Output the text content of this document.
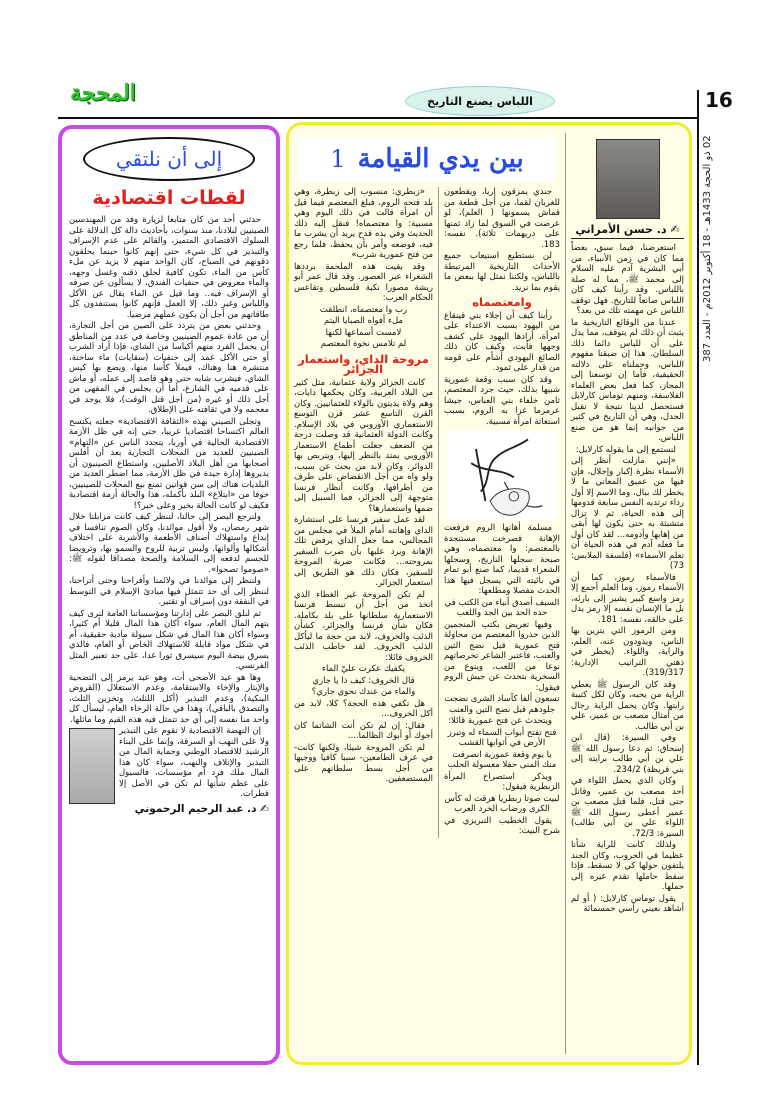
المحجة	اللباس يصنع التاريخ	16
02 ذو الحجة 1433هـ - 18 أكتوبر 2012م - العدد 387
✍ د. حسن الأمراني

استعرضنا، فيما سبق، بعضاً مما كان في زمن الأنبياء، من أبي البشرية آدم عليه السلام إلى محمد ﷺ، مما له صلة باللباس. وقد رأينا كيف كان اللباس صانعاً للتاريخ. فهل توقف اللباس عن مهمته تلك من بعد؟

عندنا من الوقائع التاريخية ما يثبت أن ذلك لم يتوقف، مما يدل على أن للباس دائما ذلك السلطان. هذا إن ضيقنا مفهوم اللباس، وحملناه على دلالته الحقيقية، فأما إن توسعنا إلى المجاز، كما فعل بعض العلماء الفلاسفة، ومنهم توماس كارلايل فستحصل لدينا نتيجة لا تقبل الجدل، وهي أن التاريخ في كثير من جوانبه إنما هو من صنع اللباس.

لنستمع إلى ما يقوله كارلايل:

«إنني مازلت أنظر إلى الأسماء نظرة إكبار وإجلال، فإن فيها من عميق المعاني ما لا يخطر لك ببال، وما الاسم إلا أول رداء ترتديه النفس سابغة قدومها إلى هذه الحياة، ثم لا تزال متشبثة به حتى يكون لها أبقى من إهابها وأدومه... لقد كان أول ما فعله آدم في هذه الحياة أن تعلم الأسماء» (فلسفة الملابس: 73)

فالأسماء رموز، كما أن الأسماء رموز، وما العلم أجمع إلا رمز واسع كبير يشير إلى بارئه، بل ما الإنسان نفسه إلا رمز يدل على خالقه، نفسه: 181.

ومن الرموز التي يتزين بها الناس، ويذودون عنه، العلم، والراية، واللواء. (يخطر في ذهني التراتيب الإدارية: 319/317).

وقد كان الرسول ﷺ يعطي الراية من يحبه، وكان لكل كتيبة رايتها. وكان يحمل الراية رجال من أمثال مصعب بن عمير، علي بن أبي طالب.

وفي السيرة: (قال ابن إسحاق: ثم دعا رسول الله ﷺ علي بن أبي طالب برايته إلى بني قريظة) 234/2.

وكان الذي يحمل اللواء في أحد مصعب بن عمير، وقاتل حتى قتل، فلما قتل مصعب بن عمير أعطى رسول الله ﷺ اللواء علي بن أبي طالب) السيرة: 72/3.

ولذلك كانت للراية شأنا عظيما في الحروب، وكان الجند يلتفون حولها كي لا تسقط، فإذا سقط حاملها تقدم غيره إلى حملها.

يقول توماس كارلايل: ( أو لم أشاهد بعيني رأسي خمسمائة

بين يدي القيامة
1

جندي يمزقون إربا، ويقطعون للغربان لقما، من أجل قطعة من قماش يسمونها ( العلم)، لو عرضت في السوق لما زاد ثمنها على دريهمات ثلاثة). نفسه: 183.

لن نستطيع استيعاب جميع الأحداث التاريخية المرتبطة باللباس، ولكننا نمثل لها ببعض ما يقوم بما نريد.

وامعتصماه

رأينا كيف أن إجلاء بني قينقاع من اليهود بسبب الاعتداء على امرأة، أرادها اليهود على كشف وجهها فأبت، وكيف كان ذلك الصائغ اليهودي أشأم على قومه من قدار على ثمود.

وقد كان سبب وقعة عمورية شبيها بذلك، حيث جرد المعتصم، ثامن خلفاء بني العباس، جيشا عرمرما غزا به الروم، بسبب استغاثة امرأة مسبية.

مسلمة أهانها الروم فرفعت الإهانة فصرخت مستنجدة بالمعتصم: وا معتصماه، وهي صيحة سجلها التاريخ، وسجلها الشعراء قديما، كما صنع أبو تمام في بائيته التي يسجل فيها هذا الحدث مفصلا ومطلعها:

السيف أصدق أنباء من الكتب في حده الحد بين الجد واللعب

وفيها تعريض بكتب المنجمين الذين حذروا المعتصم من محاولة فتح عمورية قبل نضج التين والعنب، فاعتبر الشاعر تخرصاتهم نوعا من اللعب، وينوع من السخرية بتحدث عن جيش الروم فيقول:

تسعون ألفا كآساد الشرى نضجت جلودهم قبل نضج التين والعنب

ويتحدث عن فتح عمورية قائلا:

فتح تفتح أبواب السماء له وتبرز الأرض في أثوابها القشب

يا يوم وقعة عمورية انصرفت منك المنى حفلا معسولة الحلب

ويذكر استصراخ المرأة الزبطرية فيقول:

لبيت صوتا زبطريا هرقت له كأس الكرى ورضاب الخرد العرب

يقول الخطيب التبريزي في شرح البيت:

«زبطري: منسوب إلى زبطرة، وهي بلد فتحه الروم، فبلغ المعتصم فيما قيل أن امرأة قالت في ذلك اليوم وهي مسبية: وا معتصماه! فنقل إليه ذلك الحديث وفي يده قدح يريد أن يشرب ما فيه، فوضعه وأمر بأن يحفظ، فلما رجع من فتح عمورية شرب»

وقد بقيت هذه الملحمة يرددها الشعراء عبر العصور. وقد قال عمر أبو ريشة مصورا نكبة فلسطين وتقاعس الحكام العرب:

رب وا معتصماه، انطلقت

ملء أفواه الصبايا اليتم

لامست أسماعها لكنها

لم تلامس نخوة المعتصم

مروحة الداي، واستعمار الجزائر

كانت الجزائر ولاية عثمانية، مثل كثير من البلاد العربية، وكان يحكمها دايات، وهم ولاة يدينون بالولاء للعثمانيين. وكان القرن التاسع عشر قرن التوسع الاستعماري الأوروبي في بلاد الإسلام. وكانت الدولة العثمانية قد وصلت درجة من الضعف جعلت أطماع الاستعمار الأوروبي يمتد بالنظر إليها، ويتربص بها الدوائر. وكان لابد من بحث عن سبب، ولو واه من أجل الانقضاض على طرف من أطرافها، وكانت أنظار فرنسا متوجهة إلى الجزائر، فما السبيل إلى ضمها واستعمارها؟

لقد عمل سفير فرنسا على استشارة الداي وإهانته أمام الملأ في مجلس من المجالس، مما جعل الداي يرفض تلك الإهانة ويرد عليها بأن ضرب السفير بمروحته... فكانت ضربة المروحة للسفير، فكان ذلك هو الطريق إلى استعمار الجزائر.

لم تكن المروحة غير الغطاء الذي اتخذ من أجل أن تبسط فرنسا الاستعمارية سلطانها على بلد بكامله. فكان شأن فرنسا والجزائر، كشأن الذئب والخروف، لابد من حجة ما ليأكل الذئب الخروف. لقد خاطب الذئب الخروف قائلا:

يكفيك عكرت عليّ الماء

قال الخروف: كيف ذا يا جاري

والماء من عندك نحوي جاري؟

هل تكفي هذه الحجة؟ كلا، لابد من أكل الخروف...

فقال: إن لم تكن أنت الشاتما كان أخوك أو أبوك الظالما....

لم تكن المروحة شيئا، ولكنها كانت- في عرف الطامعين- سببا كافيا ووجيها من أجل بسط سلطانهم على المستضعفين.

إلى أن نلتقي
لقطات اقتصادية

حدثني أحد من كان متابعا لزيارة وفد من المهندسين الصينيين لبلادنا، منذ سنوات، بأحاديث دالة كل الدلالة على السلوك الاقتصادي المتميز، والقائم على عدم الإسراف والتبذير في كل شيء، حتى إنهم كانوا حينما يحلقون ذقونهم في الصباح، كان الواحد منهم لا يزيد عن ملء كأس من الماء، تكون كافية لحلق ذقنه وغسل وجهه، والماء معروض في حنفيات الفندق، لا يسألون عن صرفه أو الإسراف فيه.. وما قيل عن الماء يقال عن الأكل واللباس وغير ذلك، إلا العمل فإنهم كانوا يستنفدون كل طاقاتهم من أجل أن يكون عملهم مرضيا.

وحدثني بعض من يتردد على الصين من أجل التجارة، أن من عادة عموم الصينيين وخاصة في عدد من المناطق أن يحمل الفرد منهم أكياسا من الشاي، فإذا أراد الشرب أو حتى الأكل عمد إلى حنفيات (سقايات) ماء ساخنة، منتشرة هنا وهناك، فيملأ كأسا منها، ويضع بها كيس الشاي، فيشرب شايه حتى وهو قاصد إلى عمله، أو ماش على قدميه في الشارع، أما أن يجلس في المقهى من أجل ذلك أو غيره (من أجل قتل الوقت)، فلا يوجد في معجمه ولا في ثقافته على الإطلاق.

وتجلى الصيني بهذه «الثقافة الاقتصادية» جعلته يكتسح العالم اكتساحا اقتصاديا غريبا، حتى إنه في ظل الأزمة الاقتصادية الحالية في أوربا، يتجدد الناس عن «التهام» الصينيين للعديد من المحلات التجارية بعد أن أفلس أصحابها من أهل البلاد الأصليين، واستطاع الصينيون أن يديروها إدارة جيدة في ظل الأزمة، مما اضطر العديد من البلديات هناك إلى سن قوانين تمنع بيع المحلات للصينيين، خوفا من «ابتلاع» البلد بأكمله، هذا والحالة أزمة اقتصادية فكيف لو كانت الحالة بخير وعلى خير؟!

ولنرجع البصر إلى حالنا، لننظر كيف كانت مزابلنا خلال شهر رمضان، ولا أقول موائدنا، وكان الصوم تنافسا في إبداع واستهلاك أصناف الأطعمة والأشربة على اختلاف أشكالها وألوانها. وليس تربية للروح والسمو بها، وترويضا للجسم لدفعه إلى السلامة والصحة مصداقا لقوله ﷺ: «صوموا تصحوا».

ولننظر إلى موائدنا في ولائمنا وأفراحنا وحتى أتراحنا، لننظر إلى أي حد تتمثل فيها مبادئ الإسلام في التوسط في النفقة دون إسراف أو تقتير.

ثم لنلق البصر على إدارتنا ومؤسساتنا العامة لنرى كيف يتهم المال العام، سواء أكان هذا المال قليلا أم كثيرا، وسواء أكان هذا المال في شكل سيولة مادية حقيقية، أم في شكل مواد قابلة للاستهلاك الخاص أو العام، فالذي يسرق بيضة اليوم سيسرق ثورا غدا، على حد تعبير المثل الفرنسي.

وها هو عيد الأضحى أت، وهو عيد يرمز إلى التضحية والإيثار والإخاء والاستقامة، وعدم الاستغلال (القروض البنكية)، وعدم التبذير (أكل اللثلث، وتخزين الثلث، والتصدق بالباقي)، وهذا في حالة الرخاء العام، ليسأل كل واحد منا نفسه إلى أي حد تتمثل فيه هذه القيم وما ماثلها.

إن النهضة الاقتصادية لا تقوم على التبذير ولا على النهب أو السرقة، وإنما على البناء الرشيد للاقتصاد الوطني وحماية المال من التبذير والإتلاف والنهب، سواء كان هذا المال ملك فرد أم مؤسسات، فالسيول على عظم شأنها لم تكن في الأصل إلا قطرات.

✍ د. عبد الرحيم الرحموني
